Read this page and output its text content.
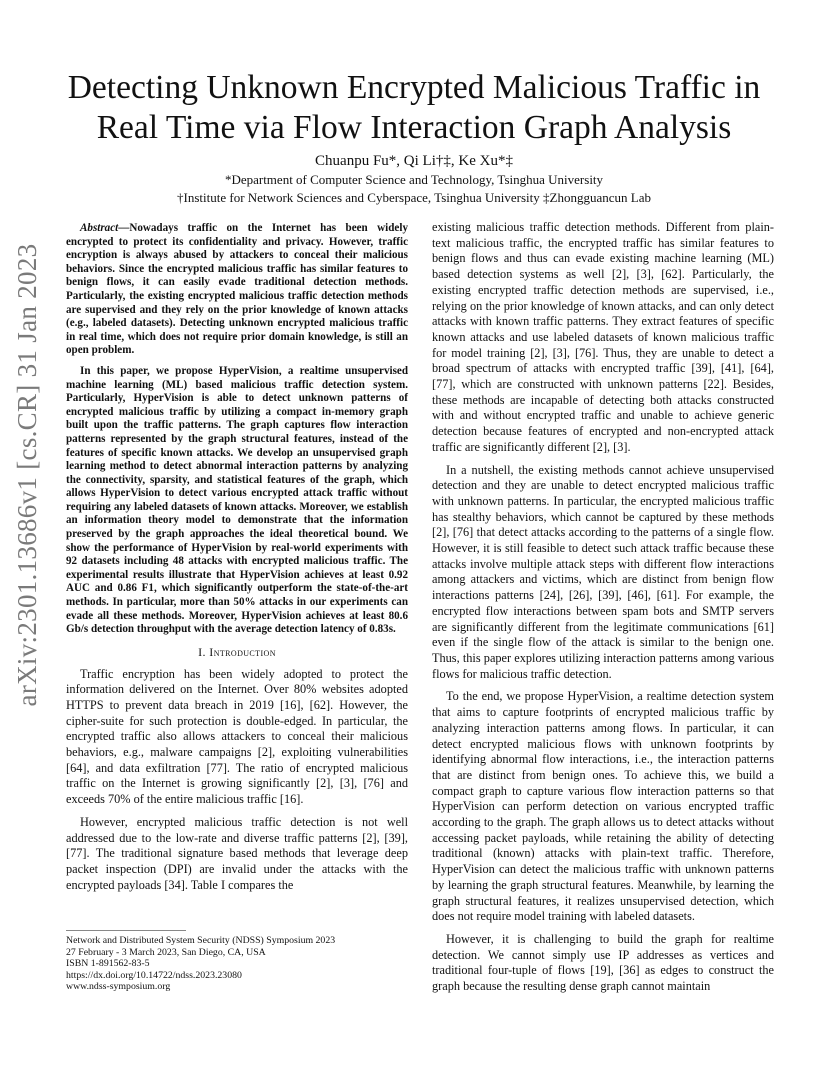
arXiv:2301.13686v1 [cs.CR] 31 Jan 2023
Detecting Unknown Encrypted Malicious Traffic in Real Time via Flow Interaction Graph Analysis
Chuanpu Fu*, Qi Li†‡, Ke Xu*‡
*Department of Computer Science and Technology, Tsinghua University
†Institute for Network Sciences and Cyberspace, Tsinghua University ‡Zhongguancun Lab

Abstract—Nowadays traffic on the Internet has been widely encrypted to protect its confidentiality and privacy. However, traffic encryption is always abused by attackers to conceal their malicious behaviors. Since the encrypted malicious traffic has similar features to benign flows, it can easily evade traditional detection methods. Particularly, the existing encrypted malicious traffic detection methods are supervised and they rely on the prior knowledge of known attacks (e.g., labeled datasets). Detecting unknown encrypted malicious traffic in real time, which does not require prior domain knowledge, is still an open problem.

In this paper, we propose HyperVision, a realtime unsupervised machine learning (ML) based malicious traffic detection system. Particularly, HyperVision is able to detect unknown patterns of encrypted malicious traffic by utilizing a compact in-memory graph built upon the traffic patterns. The graph captures flow interaction patterns represented by the graph structural features, instead of the features of specific known attacks. We develop an unsupervised graph learning method to detect abnormal interaction patterns by analyzing the connectivity, sparsity, and statistical features of the graph, which allows HyperVision to detect various encrypted attack traffic without requiring any labeled datasets of known attacks. Moreover, we establish an information theory model to demonstrate that the information preserved by the graph approaches the ideal theoretical bound. We show the performance of HyperVision by real-world experiments with 92 datasets including 48 attacks with encrypted malicious traffic. The experimental results illustrate that HyperVision achieves at least 0.92 AUC and 0.86 F1, which significantly outperform the state-of-the-art methods. In particular, more than 50% attacks in our experiments can evade all these methods. Moreover, HyperVision achieves at least 80.6 Gb/s detection throughput with the average detection latency of 0.83s.

I. Introduction

Traffic encryption has been widely adopted to protect the information delivered on the Internet. Over 80% websites adopted HTTPS to prevent data breach in 2019 [16], [62]. However, the cipher-suite for such protection is double-edged. In particular, the encrypted traffic also allows attackers to conceal their malicious behaviors, e.g., malware campaigns [2], exploiting vulnerabilities [64], and data exfiltration [77]. The ratio of encrypted malicious traffic on the Internet is growing significantly [2], [3], [76] and exceeds 70% of the entire malicious traffic [16].

However, encrypted malicious traffic detection is not well addressed due to the low-rate and diverse traffic patterns [2], [39], [77]. The traditional signature based methods that leverage deep packet inspection (DPI) are invalid under the attacks with the encrypted payloads [34]. Table I compares the

existing malicious traffic detection methods. Different from plain-text malicious traffic, the encrypted traffic has similar features to benign flows and thus can evade existing machine learning (ML) based detection systems as well [2], [3], [62]. Particularly, the existing encrypted traffic detection methods are supervised, i.e., relying on the prior knowledge of known attacks, and can only detect attacks with known traffic patterns. They extract features of specific known attacks and use labeled datasets of known malicious traffic for model training [2], [3], [76]. Thus, they are unable to detect a broad spectrum of attacks with encrypted traffic [39], [41], [64], [77], which are constructed with unknown patterns [22]. Besides, these methods are incapable of detecting both attacks constructed with and without encrypted traffic and unable to achieve generic detection because features of encrypted and non-encrypted attack traffic are significantly different [2], [3].

In a nutshell, the existing methods cannot achieve unsupervised detection and they are unable to detect encrypted malicious traffic with unknown patterns. In particular, the encrypted malicious traffic has stealthy behaviors, which cannot be captured by these methods [2], [76] that detect attacks according to the patterns of a single flow. However, it is still feasible to detect such attack traffic because these attacks involve multiple attack steps with different flow interactions among attackers and victims, which are distinct from benign flow interactions patterns [24], [26], [39], [46], [61]. For example, the encrypted flow interactions between spam bots and SMTP servers are significantly different from the legitimate communications [61] even if the single flow of the attack is similar to the benign one. Thus, this paper explores utilizing interaction patterns among various flows for malicious traffic detection.

To the end, we propose HyperVision, a realtime detection system that aims to capture footprints of encrypted malicious traffic by analyzing interaction patterns among flows. In particular, it can detect encrypted malicious flows with unknown footprints by identifying abnormal flow interactions, i.e., the interaction patterns that are distinct from benign ones. To achieve this, we build a compact graph to capture various flow interaction patterns so that HyperVision can perform detection on various encrypted traffic according to the graph. The graph allows us to detect attacks without accessing packet payloads, while retaining the ability of detecting traditional (known) attacks with plain-text traffic. Therefore, HyperVision can detect the malicious traffic with unknown patterns by learning the graph structural features. Meanwhile, by learning the graph structural features, it realizes unsupervised detection, which does not require model training with labeled datasets.

However, it is challenging to build the graph for realtime detection. We cannot simply use IP addresses as vertices and traditional four-tuple of flows [19], [36] as edges to construct the graph because the resulting dense graph cannot maintain

Network and Distributed System Security (NDSS) Symposium 2023
27 February - 3 March 2023, San Diego, CA, USA
ISBN 1-891562-83-5
https://dx.doi.org/10.14722/ndss.2023.23080
www.ndss-symposium.org
